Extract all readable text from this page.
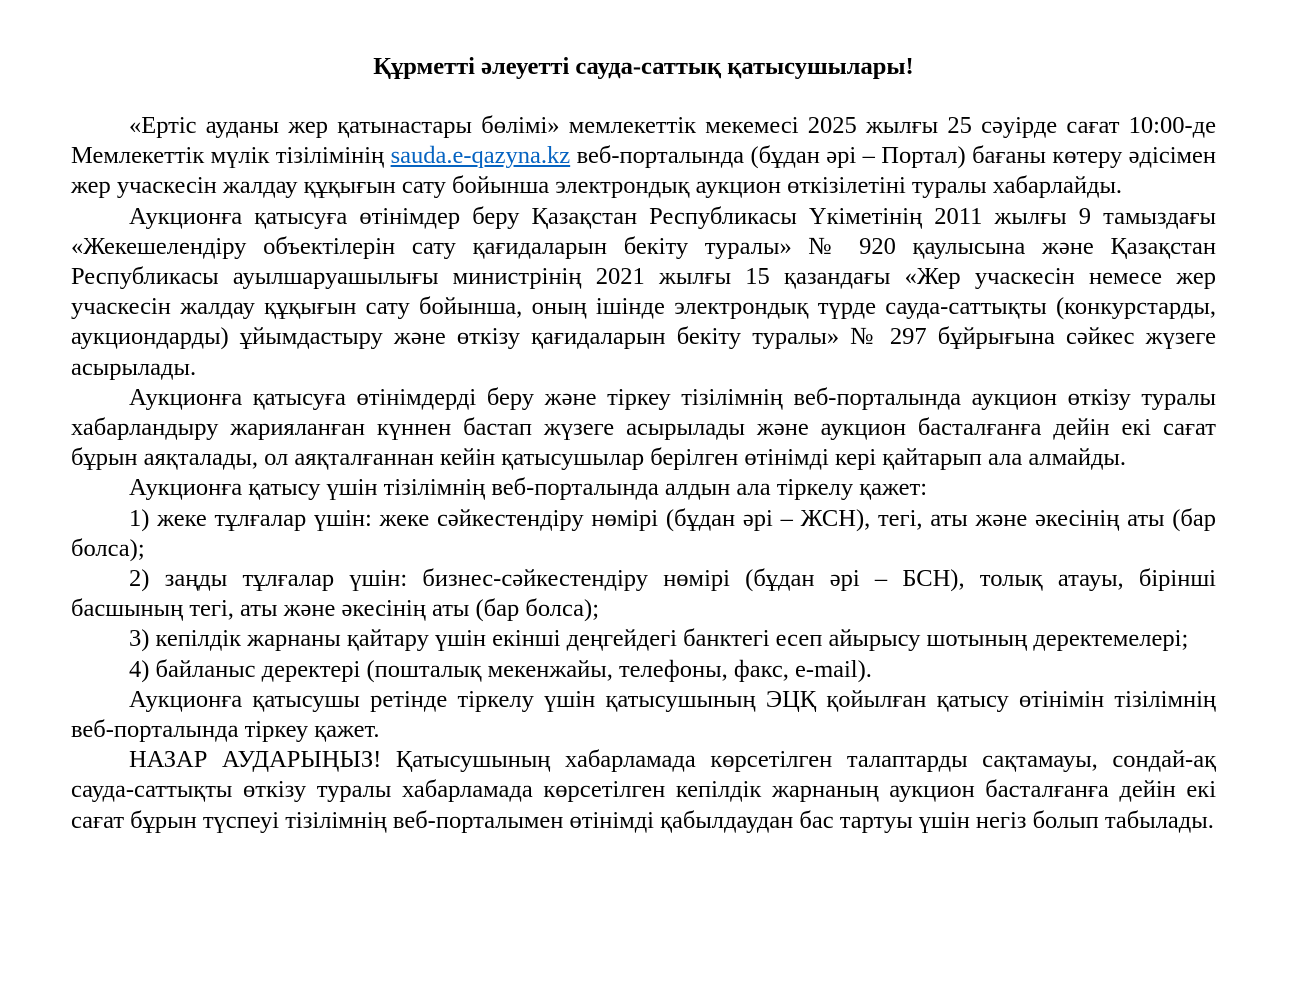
Құрметті әлеуетті сауда-саттық қатысушылары!

«Ертіс ауданы жер қатынастары бөлімі» мемлекеттік мекемесі 2025 жылғы 25 сәуірде сағат 10:00-де Мемлекеттік мүлік тізілімінің sauda.e-qazyna.kz веб-порталында (бұдан әрі – Портал) бағаны көтеру әдісімен жер учаскесін жалдау құқығын сату бойынша электрондық аукцион өткізілетіні туралы хабарлайды.

Аукционға қатысуға өтінімдер беру Қазақстан Республикасы Үкіметінің 2011 жылғы 9 тамыздағы «Жекешелендіру объектілерін сату қағидаларын бекіту туралы» № 920 қаулысына және Қазақстан Республикасы ауылшаруашылығы министрінің 2021 жылғы 15 қазандағы «Жер учаскесін немесе жер учаскесін жалдау құқығын сату бойынша, оның ішінде электрондық түрде сауда-саттықты (конкурстарды, аукциондарды) ұйымдастыру және өткізу қағидаларын бекіту туралы» № 297 бұйрығына сәйкес жүзеге асырылады.

Аукционға қатысуға өтінімдерді беру және тіркеу тізілімнің веб-порталында аукцион өткізу туралы хабарландыру жарияланған күннен бастап жүзеге асырылады және аукцион басталғанға дейін екі сағат бұрын аяқталады, ол аяқталғаннан кейін қатысушылар берілген өтінімді кері қайтарып ала алмайды.

Аукционға қатысу үшін тізілімнің веб-порталында алдын ала тіркелу қажет:

1) жеке тұлғалар үшін: жеке сәйкестендіру нөмірі (бұдан әрі – ЖСН), тегі, аты және әкесінің аты (бар болса);

2) заңды тұлғалар үшін: бизнес-сәйкестендіру нөмірі (бұдан әрі – БСН), толық атауы, бірінші басшының тегі, аты және әкесінің аты (бар болса);

3) кепілдік жарнаны қайтару үшін екінші деңгейдегі банктегі есеп айырысу шотының деректемелері;

4) байланыс деректері (пошталық мекенжайы, телефоны, факс, e-mail).

Аукционға қатысушы ретінде тіркелу үшін қатысушының ЭЦҚ қойылған қатысу өтінімін тізілімнің веб-порталында тіркеу қажет.

НАЗАР АУДАРЫҢЫЗ! Қатысушының хабарламада көрсетілген талаптарды сақтамауы, сондай-ақ сауда-саттықты өткізу туралы хабарламада көрсетілген кепілдік жарнаның аукцион басталғанға дейін екі сағат бұрын түспеуі тізілімнің веб-порталымен өтінімді қабылдаудан бас тартуы үшін негіз болып табылады.
